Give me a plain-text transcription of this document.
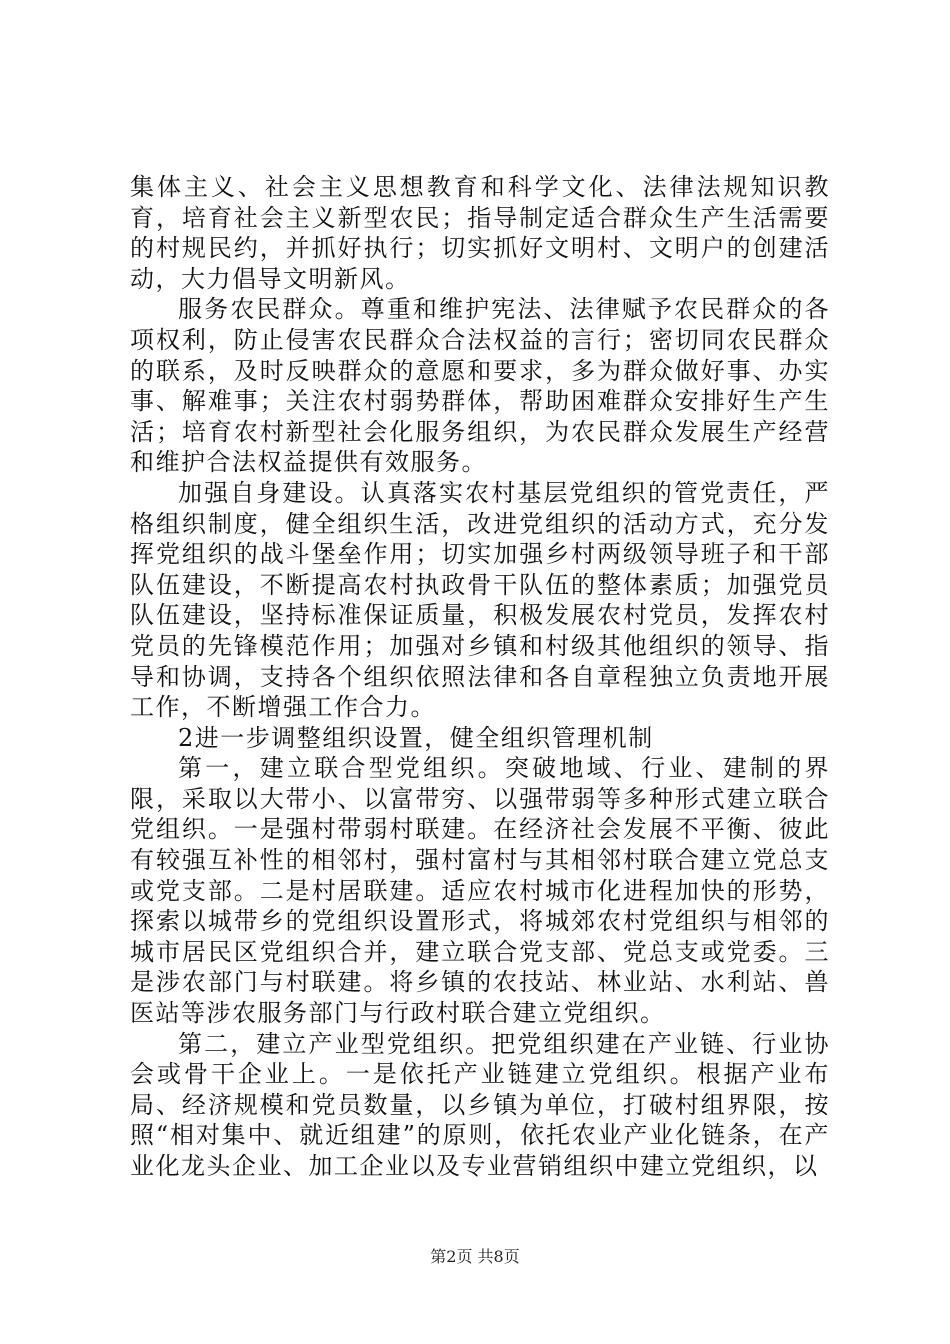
集体主义、社会主义思想教育和科学文化、法律法规知识教育，培育社会主义新型农民；指导制定适合群众生产生活需要的村规民约，并抓好执行；切实抓好文明村、文明户的创建活动，大力倡导文明新风。

服务农民群众。尊重和维护宪法、法律赋予农民群众的各项权利，防止侵害农民群众合法权益的言行；密切同农民群众的联系，及时反映群众的意愿和要求，多为群众做好事、办实事、解难事；关注农村弱势群体，帮助困难群众安排好生产生活；培育农村新型社会化服务组织，为农民群众发展生产经营和维护合法权益提供有效服务。

加强自身建设。认真落实农村基层党组织的管党责任，严格组织制度，健全组织生活，改进党组织的活动方式，充分发挥党组织的战斗堡垒作用；切实加强乡村两级领导班子和干部队伍建设，不断提高农村执政骨干队伍的整体素质；加强党员队伍建设，坚持标准保证质量，积极发展农村党员，发挥农村党员的先锋模范作用；加强对乡镇和村级其他组织的领导、指导和协调，支持各个组织依照法律和各自章程独立负责地开展工作，不断增强工作合力。

2进一步调整组织设置，健全组织管理机制

第一，建立联合型党组织。突破地域、行业、建制的界限，采取以大带小、以富带穷、以强带弱等多种形式建立联合党组织。一是强村带弱村联建。在经济社会发展不平衡、彼此有较强互补性的相邻村，强村富村与其相邻村联合建立党总支或党支部。二是村居联建。适应农村城市化进程加快的形势，探索以城带乡的党组织设置形式，将城郊农村党组织与相邻的城市居民区党组织合并，建立联合党支部、党总支或党委。三是涉农部门与村联建。将乡镇的农技站、林业站、水利站、兽医站等涉农服务部门与行政村联合建立党组织。

第二，建立产业型党组织。把党组织建在产业链、行业协会或骨干企业上。一是依托产业链建立党组织。根据产业布局、经济规模和党员数量，以乡镇为单位，打破村组界限，按照“相对集中、就近组建”的原则，依托农业产业化链条，在产业化龙头企业、加工企业以及专业营销组织中建立党组织，以

第2页 共8页
